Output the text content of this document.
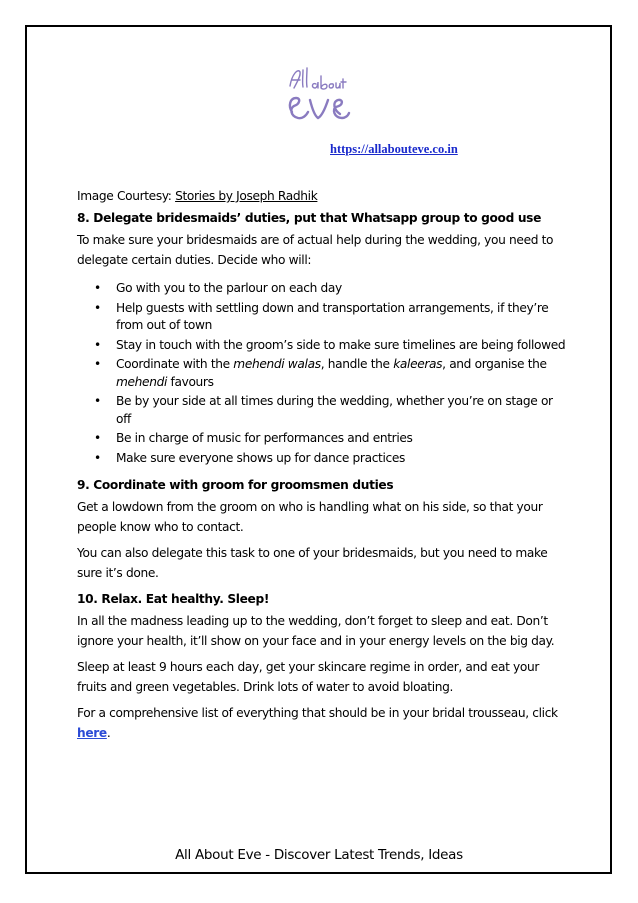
https://allabouteve.co.in

Image Courtesy: Stories by Joseph Radhik

8. Delegate bridesmaids’ duties, put that Whatsapp group to good use

To make sure your bridesmaids are of actual help during the wedding, you need to delegate certain duties. Decide who will:

• Go with you to the parlour on each day
• Help guests with settling down and transportation arrangements, if they’re from out of town
• Stay in touch with the groom’s side to make sure timelines are being followed
• Coordinate with the mehendi walas, handle the kaleeras, and organise the mehendi favours
• Be by your side at all times during the wedding, whether you’re on stage or off
• Be in charge of music for performances and entries
• Make sure everyone shows up for dance practices

9. Coordinate with groom for groomsmen duties

Get a lowdown from the groom on who is handling what on his side, so that your people know who to contact.

You can also delegate this task to one of your bridesmaids, but you need to make sure it’s done.

10. Relax. Eat healthy. Sleep!

In all the madness leading up to the wedding, don’t forget to sleep and eat. Don’t ignore your health, it’ll show on your face and in your energy levels on the big day.

Sleep at least 9 hours each day, get your skincare regime in order, and eat your fruits and green vegetables. Drink lots of water to avoid bloating.

For a comprehensive list of everything that should be in your bridal trousseau, click here.

All About Eve - Discover Latest Trends, Ideas
